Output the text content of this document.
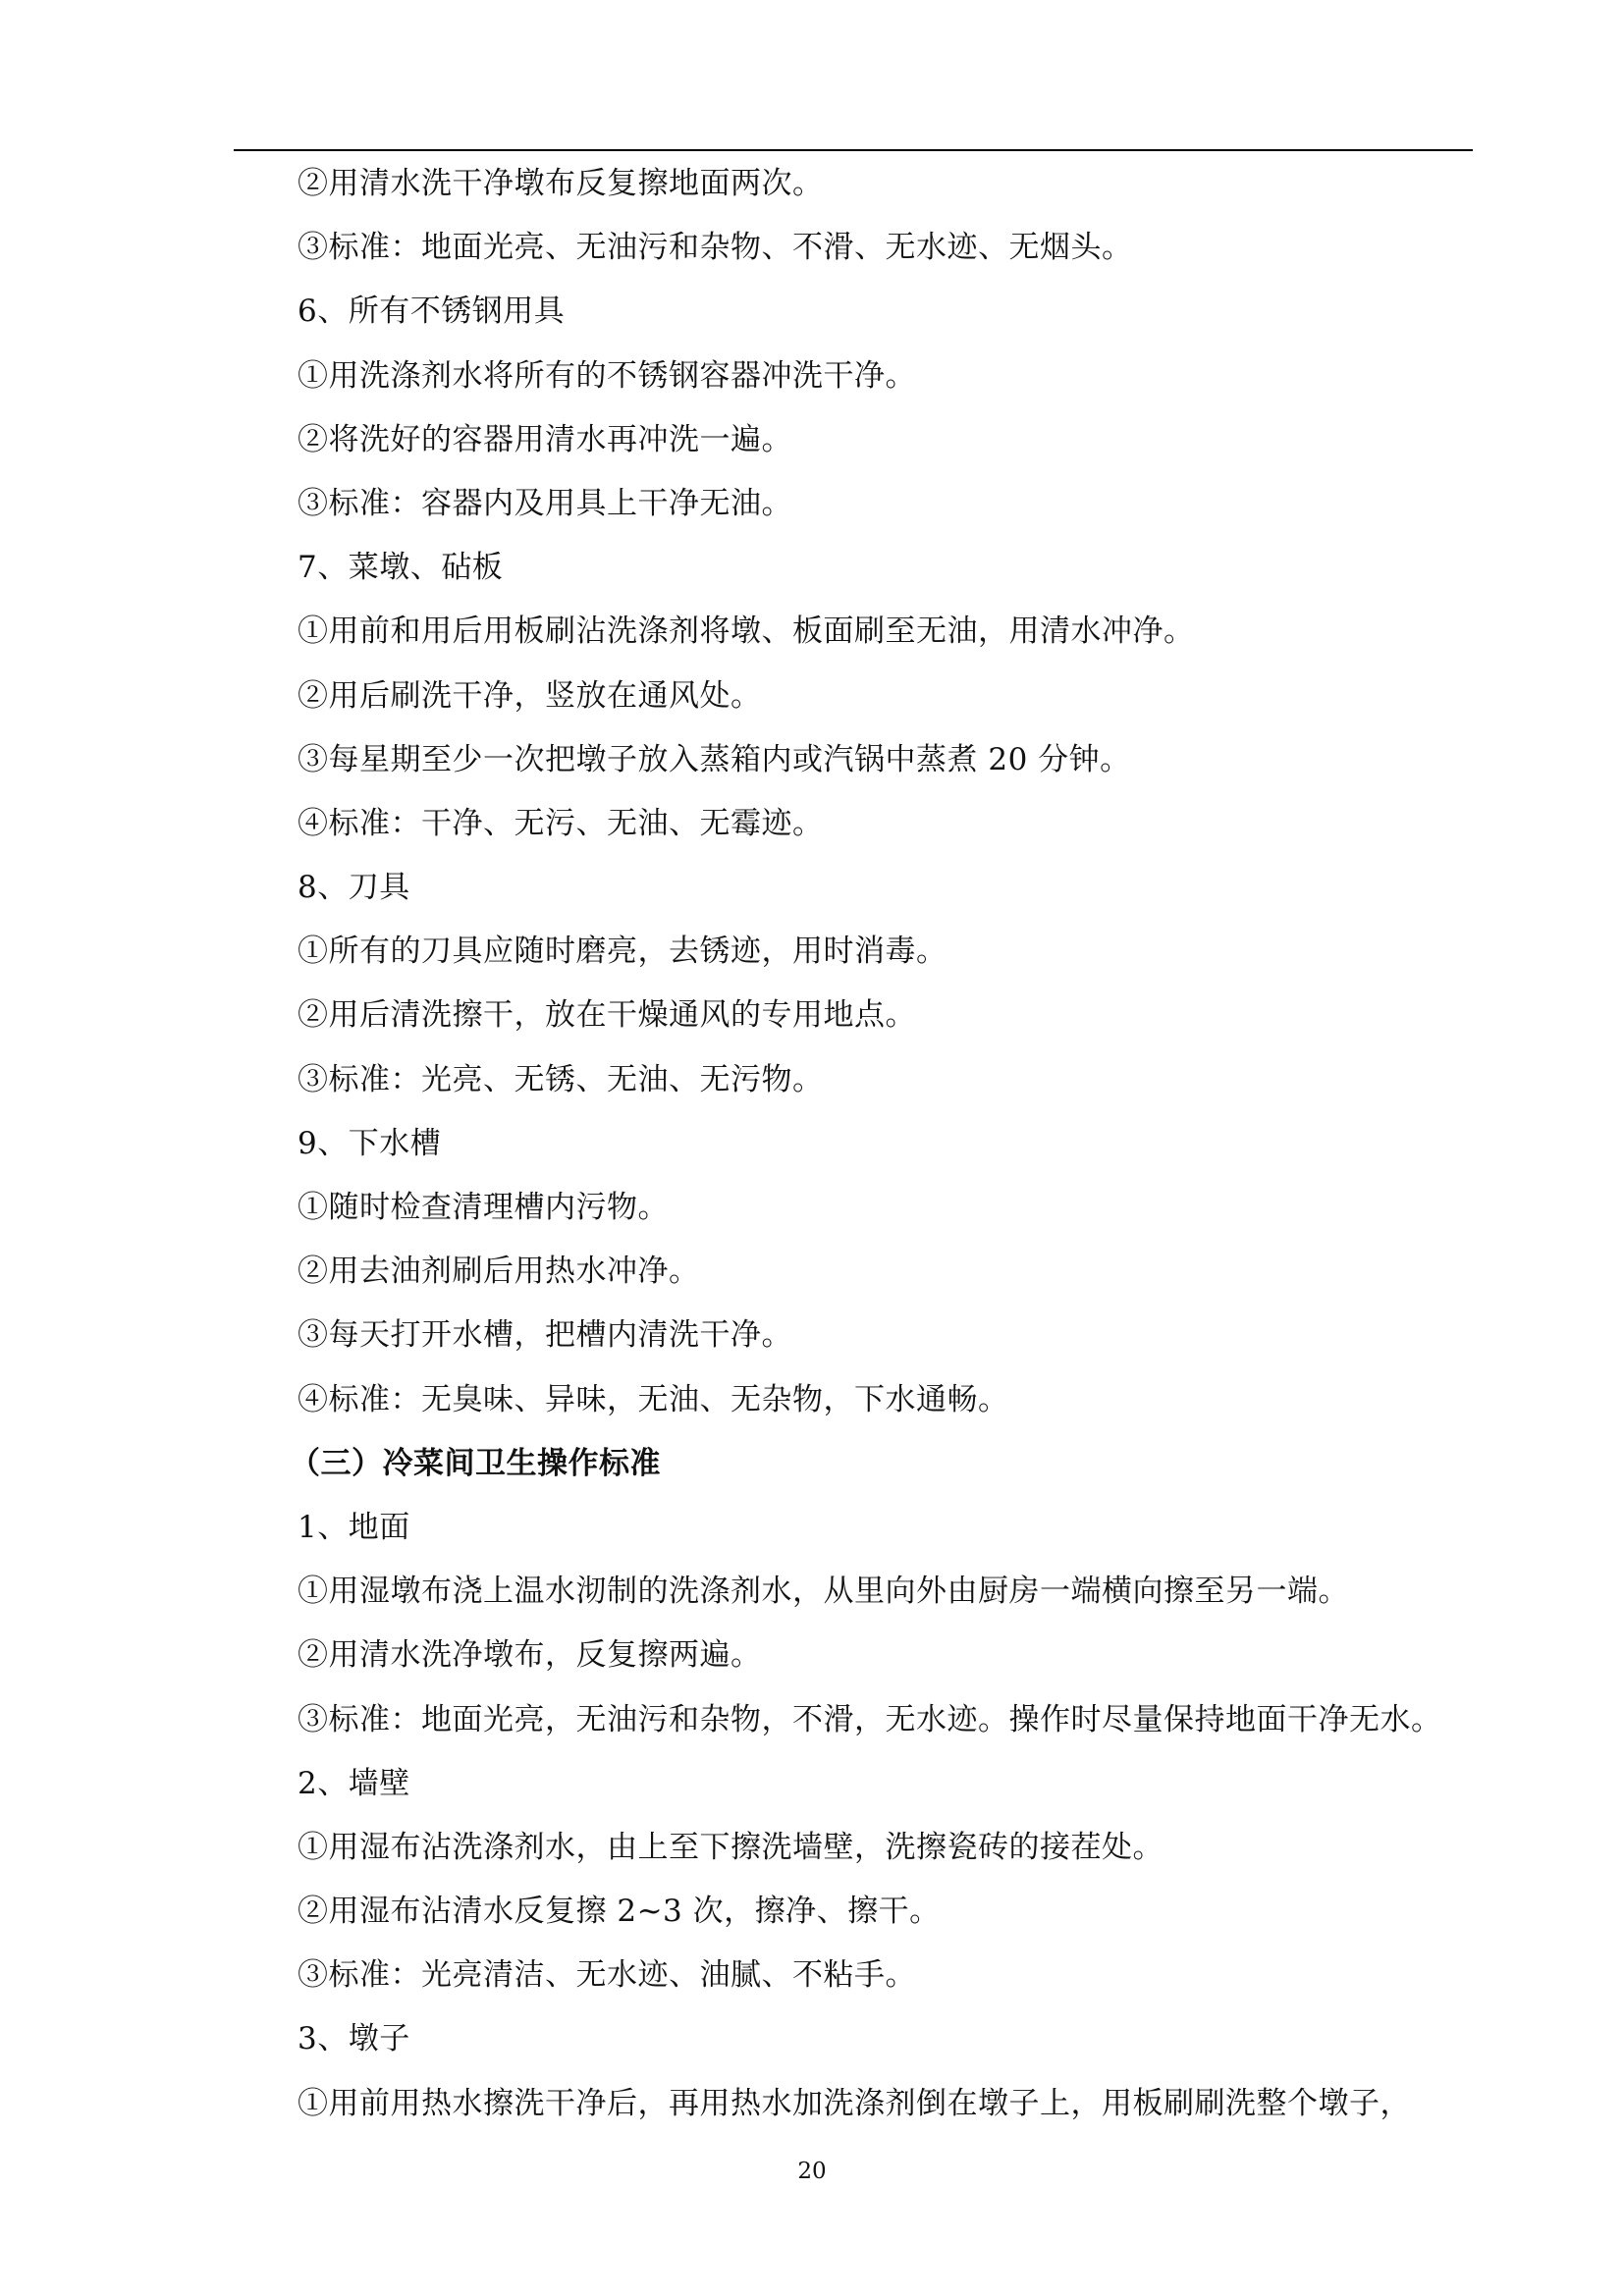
②用清水洗干净墩布反复擦地面两次。
③标准：地面光亮、无油污和杂物、不滑、无水迹、无烟头。
6、所有不锈钢用具
①用洗涤剂水将所有的不锈钢容器冲洗干净。
②将洗好的容器用清水再冲洗一遍。
③标准：容器内及用具上干净无油。
7、菜墩、砧板
①用前和用后用板刷沾洗涤剂将墩、板面刷至无油，用清水冲净。
②用后刷洗干净，竖放在通风处。
③每星期至少一次把墩子放入蒸箱内或汽锅中蒸煮 20 分钟。
④标准：干净、无污、无油、无霉迹。
8、刀具
①所有的刀具应随时磨亮，去锈迹，用时消毒。
②用后清洗擦干，放在干燥通风的专用地点。
③标准：光亮、无锈、无油、无污物。
9、下水槽
①随时检查清理槽内污物。
②用去油剂刷后用热水冲净。
③每天打开水槽，把槽内清洗干净。
④标准：无臭味、异味，无油、无杂物，下水通畅。
（三）冷菜间卫生操作标准
1、地面
①用湿墩布浇上温水沏制的洗涤剂水，从里向外由厨房一端横向擦至另一端。
②用清水洗净墩布，反复擦两遍。
③标准：地面光亮，无油污和杂物，不滑，无水迹。操作时尽量保持地面干净无水。
2、墙壁
①用湿布沾洗涤剂水，由上至下擦洗墙壁，洗擦瓷砖的接茬处。
②用湿布沾清水反复擦 2~3 次，擦净、擦干。
③标准：光亮清洁、无水迹、油腻、不粘手。
3、墩子
①用前用热水擦洗干净后，再用热水加洗涤剂倒在墩子上，用板刷刷洗整个墩子，
20
